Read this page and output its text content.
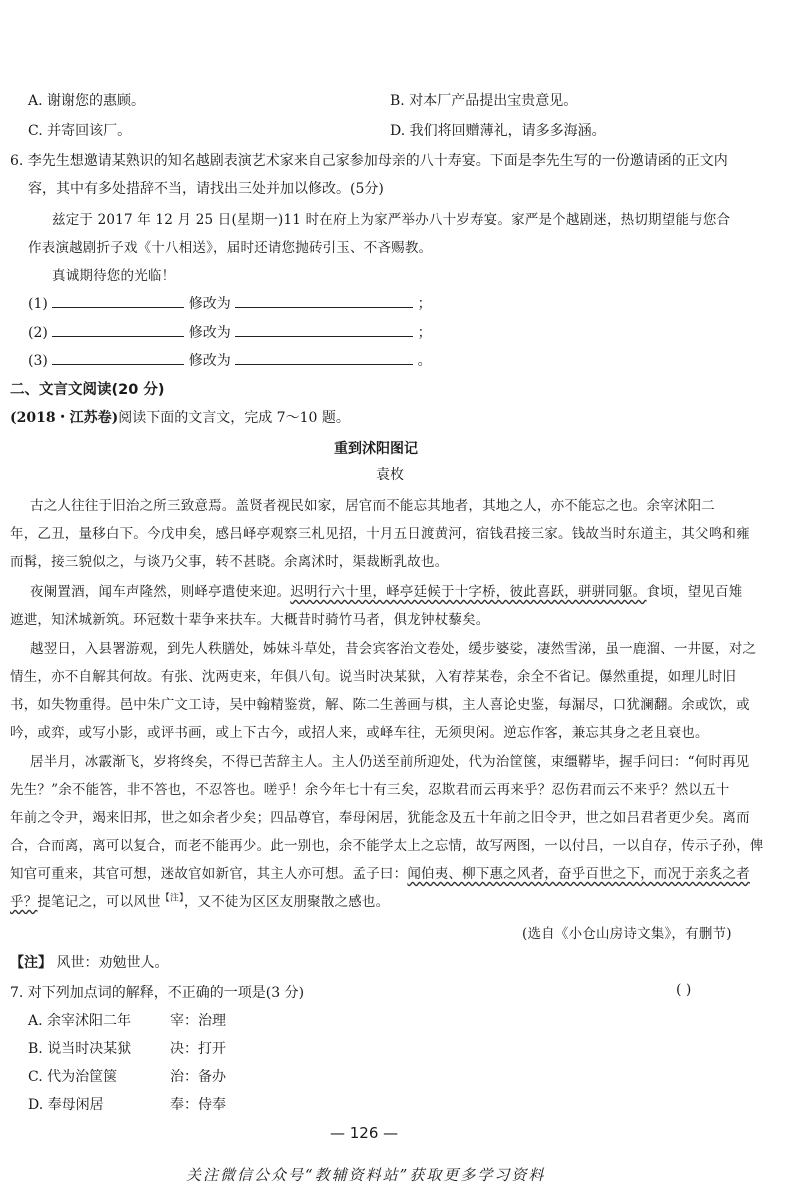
A. 谢谢您的惠顾。	B. 对本厂产品提出宝贵意见。
C. 并寄回该厂。	D. 我们将回赠薄礼，请多多海涵。
6. 李先生想邀请某熟识的知名越剧表演艺术家来自己家参加母亲的八十寿宴。下面是李先生写的一份邀请函的正文内
容，其中有多处措辞不当，请找出三处并加以修改。(5分)
兹定于 2017 年 12 月 25 日(星期一)11 时在府上为家严举办八十岁寿宴。家严是个越剧迷，热切期望能与您合
作表演越剧折子戏《十八相送》，届时还请您抛砖引玉、不吝赐教。
真诚期待您的光临！
(1)	修改为	；
(2)	修改为	；
(3)	修改为	。
二、文言文阅读(20 分)
(2018・江苏卷)阅读下面的文言文，完成 7～10 题。
重到沭阳图记
袁枚
古之人往往于旧治之所三致意焉。盖贤者视民如家，居官而不能忘其地者，其地之人，亦不能忘之也。余宰沭阳二
年，乙丑，量移白下。今戊申矣，感吕峄亭观察三札见招，十月五日渡黄河，宿钱君接三家。钱故当时东道主，其父鸣和雍
而髯，接三貌似之，与谈乃父事，转不甚晓。余离沭时，渠裁断乳故也。
夜阑置酒，闻车声隆然，则峄亭遣使来迎。迟明行六十里，峄亭廷候于十字桥，彼此喜跃，骈骈同躯。食顷，望见百雉
遮迣，知沭城新筑。环冠数十辈争来扶车。大概昔时骑竹马者，俱龙钟杖藜矣。
越翌日，入县署游观，到先人秩膳处，姊妹斗草处，昔会宾客治文卷处，缓步婆娑，凄然雪涕，虽一鹿溜、一井匽，对之
情生，亦不自解其何故。有张、沈两吏来，年俱八旬。说当时决某狱，入宥荐某卷，余全不省记。儤然重提，如理儿时旧
书，如失物重得。邑中朱广文工诗，吴中翰精鉴赏，解、陈二生善画与棋，主人喜论史鉴，每漏尽，口犹澜翻。余或饮，或
吟，或弈，或写小影，或评书画，或上下古今，或招人来，或峄车往，无须臾闲。逆忘作客，兼忘其身之老且衰也。
居半月，冰霰渐飞，岁将终矣，不得已苦辞主人。主人仍送至前所迎处，代为治筐箧，束缰鞯毕，握手问曰：“何时再见
先生？”余不能答，非不答也，不忍答也。嗟乎！余今年七十有三矣，忍欺君而云再来乎？忍伤君而云不来乎？然以五十
年前之令尹，竭来旧邦，世之如余者少矣；四品尊官，奉母闲居，犹能念及五十年前之旧令尹，世之如吕君者更少矣。离而
合，合而离，离可以复合，而老不能再少。此一别也，余不能学太上之忘情，故写两图，一以付吕，一以自存，传示子孙，俾
知官可重来，其官可想，迷故官如新官，其主人亦可想。孟子曰：闻伯夷、柳下惠之风者，奋乎百世之下，而况于亲炙之者
乎？提笔记之，可以风世$^{【注】}$，又不徒为区区友朋聚散之感也。
(选自《小仓山房诗文集》，有删节)
【注】 风世：劝勉世人。
7. 对下列加点词的解释，不正确的一项是(3 分)	( )
A. 余宰沭阳二年	宰：治理
B. 说当时决某狱	决：打开
C. 代为治筐箧	治：备办
D. 奉母闲居	奉：侍奉
— 126 —
关注微信公众号“教辅资料站”获取更多学习资料
